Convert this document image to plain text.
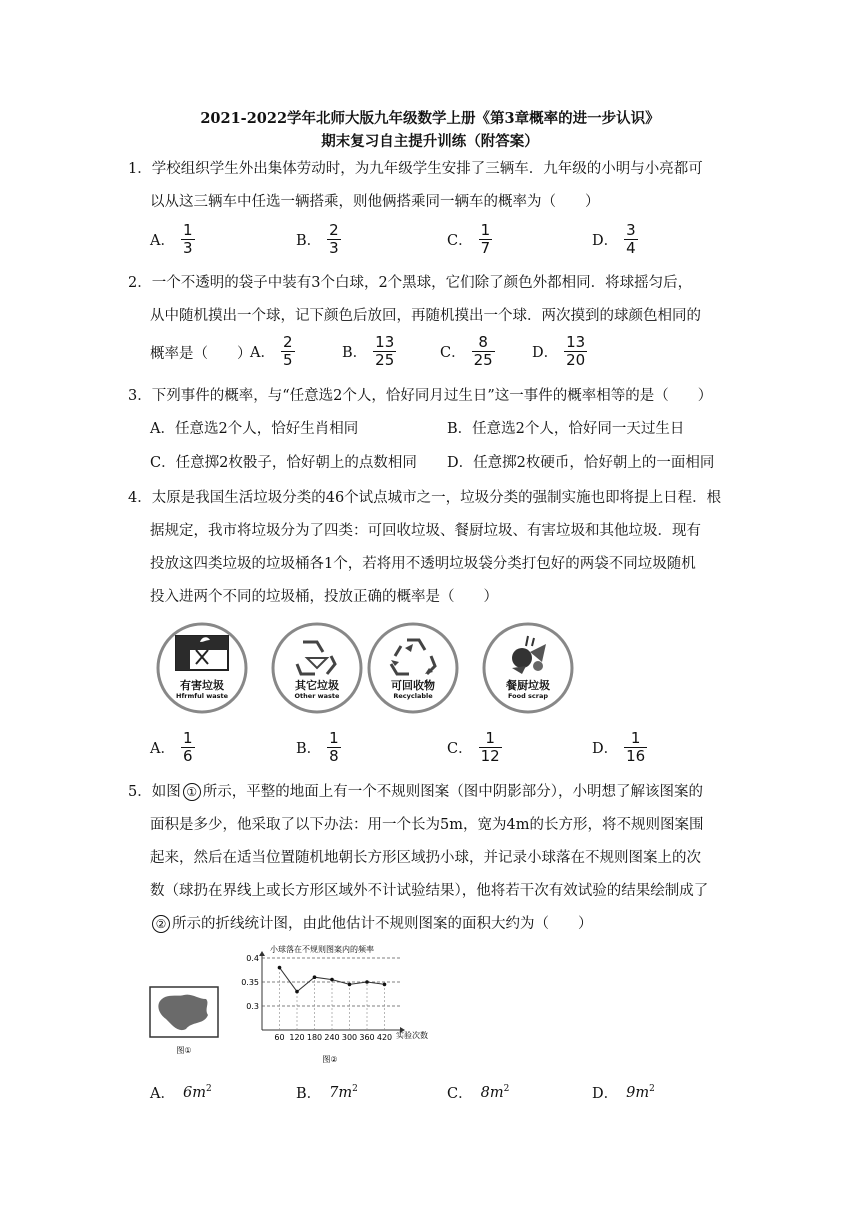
2021-2022学年北师大版九年级数学上册《第3章概率的进一步认识》
期末复习自主提升训练（附答案）
1．学校组织学生外出集体劳动时，为九年级学生安排了三辆车．九年级的小明与小亮都可
以从这三辆车中任选一辆搭乘，则他俩搭乘同一辆车的概率为（　　）
A． $\frac{1}{3}$	B． $\frac{2}{3}$	C． $\frac{1}{7}$	D． $\frac{3}{4}$
2．一个不透明的袋子中装有3个白球，2个黑球，它们除了颜色外都相同．将球摇匀后，
从中随机摸出一个球，记下颜色后放回，再随机摸出一个球．两次摸到的球颜色相同的
概率是（　　）
A． $\frac{2}{5}$	B． $\frac{13}{25}$	C． $\frac{8}{25}$	D． $\frac{13}{20}$
3．下列事件的概率，与“任意选2个人，恰好同月过生日”这一事件的概率相等的是（　　）
A．任意选2个人，恰好生肖相同	B．任意选2个人，恰好同一天过生日
C．任意掷2枚骰子，恰好朝上的点数相同 D．任意掷2枚硬币，恰好朝上的一面相同
4．太原是我国生活垃圾分类的46个试点城市之一，垃圾分类的强制实施也即将提上日程．根
据规定，我市将垃圾分为了四类：可回收垃圾、餐厨垃圾、有害垃圾和其他垃圾．现有
投放这四类垃圾的垃圾桶各1个，若将用不透明垃圾袋分类打包好的两袋不同垃圾随机
投入进两个不同的垃圾桶，投放正确的概率是（　　）
有害垃圾
Hfrmful waste
其它垃圾
Other waste
可回收物
Recyclable
餐厨垃圾
Food scrap
A． $\frac{1}{6}$	B． $\frac{1}{8}$	C． $\frac{1}{12}$	D． $\frac{1}{16}$
5．如图 ① 所示，平整的地面上有一个不规则图案（图中阴影部分），小明想了解该图案的
面积是多少，他采取了以下办法：用一个长为5m，宽为4m的长方形，将不规则图案围
起来，然后在适当位置随机地朝长方形区域扔小球，并记录小球落在不规则图案上的次
数（球扔在界线上或长方形区域外不计试验结果），他将若干次有效试验的结果绘制成了
② 所示的折线统计图，由此他估计不规则图案的面积大约为（　　）
图①
小球落在不规则图案内的频率
实验次数
图②
0.3
0.35
0.4
60 120 180 240 300 360 420
A． $6m^2$	B． $7m^2$	C． $8m^2$	D． $9m^2$
